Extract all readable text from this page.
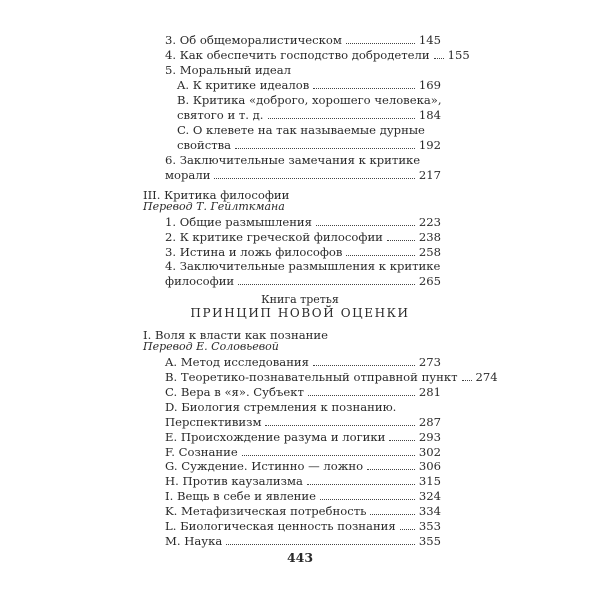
3. Об общеморалистическом	145
4. Как обеспечить господство добродетели 155
5. Моральный идеал
A. К критике идеалов	169
B. Критика «доброго, хорошего человека»,
святого и т. д.	184
C. О клевете на так называемые дурные
свойства	192
6. Заключительные замечания к критике
морали	217
III. Критика философии
Перевод Т. Гейлткмана
1. Общие размышления	223
2. К критике греческой философии	238
3. Истина и ложь философов	258
4. Заключительные размышления к критике
философии	265
Книга третья
ПРИНЦИП НОВОЙ ОЦЕНКИ
I. Воля к власти как познание
Перевод Е. Соловьевой
A. Метод исследования	273
B. Теоретико-познавательный отправной пункт 274
C. Вера в «я». Субъект	281
D. Биология стремления к познанию.
Перспективизм	287
E. Происхождение разума и логики	293
F. Сознание	302
G. Суждение. Истинно — ложно	306
H. Против каузализма	315
I. Вещь в себе и явление	324
K. Метафизическая потребность	334
L. Биологическая ценность познания 353
M. Наука	355
443
